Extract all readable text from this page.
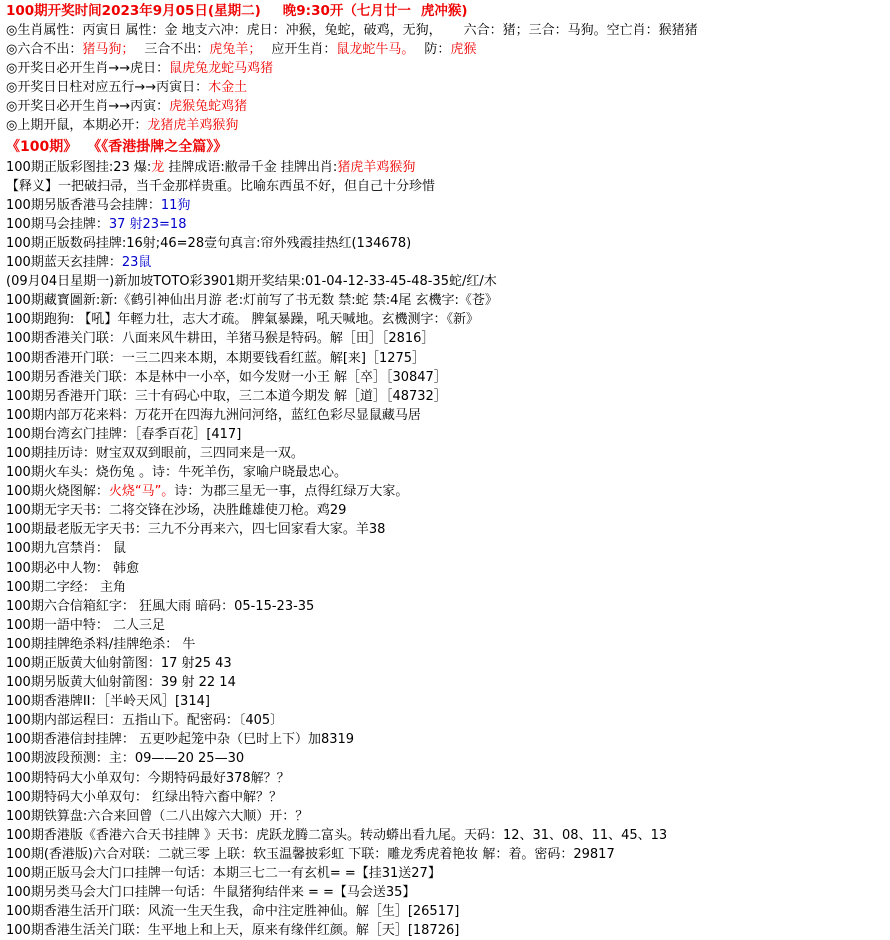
100期开奖时间2023年9月05日(星期二) 晚9:30开（七月廿一 虎冲猴)
◎生肖属性：丙寅日 属性：金 地支六冲：虎日：冲猴，兔蛇，破鸡，无狗， 六合：猪；三合：马狗。空亡肖：猴猪猪
◎六合不出：猪马狗； 三合不出：虎兔羊； 应开生肖：鼠龙蛇牛马。 防：虎猴
◎开奖日必开生肖→→虎日：鼠虎兔龙蛇马鸡猪
◎开奖日日柱对应五行→→丙寅日：木金土
◎开奖日必开生肖→→丙寅：虎猴兔蛇鸡猪
◎上期开鼠，本期必开：龙猪虎羊鸡猴狗
《100期》 《《香港掛牌之全篇》》
100期正版彩图挂:23 爆:龙 挂牌成语:敝帚千金 挂牌出肖:猪虎羊鸡猴狗
【释义】一把破扫帚，当千金那样贵重。比喻东西虽不好，但自己十分珍惜
100期另版香港马会挂牌：11狗
100期马会挂牌：37 射23=18
100期正版数码挂牌:16射;46=28壹句真言:帘外残霞挂热红(134678)
100期蓝天玄挂牌：23鼠
(09月04日星期一)新加坡TOTO彩3901期开奖结果:01-04-12-33-45-48-35蛇/红/木
100期藏寳圖新:新:《鹤引神仙出月游 老:灯前写了书无数 禁:蛇 禁:4尾 玄機字:《苍》
100期跑狗: 【吼】年輕力壮，志大才疏。 脾氣暴躁，吼天喊地。玄機测字：《新》
100期香港关门联：八面来风牛耕田，羊猪马猴是特码。解［田］［2816］
100期香港开门联：一三二四来本期，本期要钱看红蓝。解[来]［1275］
100期另香港关门联：本是林中一小卒，如今发财一小王 解［卒］［30847］
100期另香港开门联：三十有码心中取，三二本道今期发 解［道］［48732］
100期内部万花来料：万花开在四海九洲问河络，蓝红色彩尽显鼠藏马居
100期台湾玄门挂牌：［春季百花］[417]
100期挂历诗：财宝双双到眼前，三四同来是一双。
100期火车头：烧伤兔 。诗：牛死羊伤，家喻户晓最忠心。
100期火烧图解：火烧“马”。诗：为郡三星无一事，点得红绿万大家。
100期无字天书：二将交锋在沙场，决胜雌雄使刀枪。鸡29
100期最老版无字天书：三九不分再来六，四七回家看大家。羊38
100期九宫禁肖： 鼠
100期必中人物： 韩愈
100期二字经： 主角
100期六合信箱紅字： 狂風大雨 暗码：05-15-23-35
100期一語中特： 二人三足
100期挂牌绝杀料/挂牌绝杀： 牛
100期正版黄大仙射箭图：17 射25 43
100期另版黄大仙射箭图：39 射 22 14
100期香港牌II：［半岭天风］[314]
100期内部运程曰：五指山下。配密码：〔405〕
100期香港信封挂牌： 五更吵起笼中杂（巳时上下）加8319
100期波段预测：主：09——20 25—30
100期特码大小单双句：今期特码最好378解？？
100期特码大小单双句： 红绿出特六畜中解？？
100期铁算盘:六合来回曾（二八出嫁六大顺）开：？
100期香港版《香港六合天书挂牌 》天书：虎跃龙腾二富头。转动蟒出看九尾。天码：12、31、08、11、45、13
100期(香港版)六合对联：二就三零 上联：软玉温馨披彩虹 下联：雕龙秀虎着艳妆 解：着。密码：29817
100期正版马会大门口挂牌一句话：本期三七二一有玄机= =【挂31送27】
100期另类马会大门口挂牌一句话：牛鼠猪狗结伴来 = =【马会送35】
100期香港生活开门联：风流一生天生我，命中注定胜神仙。解［生］[26517]
100期香港生活关门联：生平地上和上天，原来有缘伴红颜。解［天］[18726]
